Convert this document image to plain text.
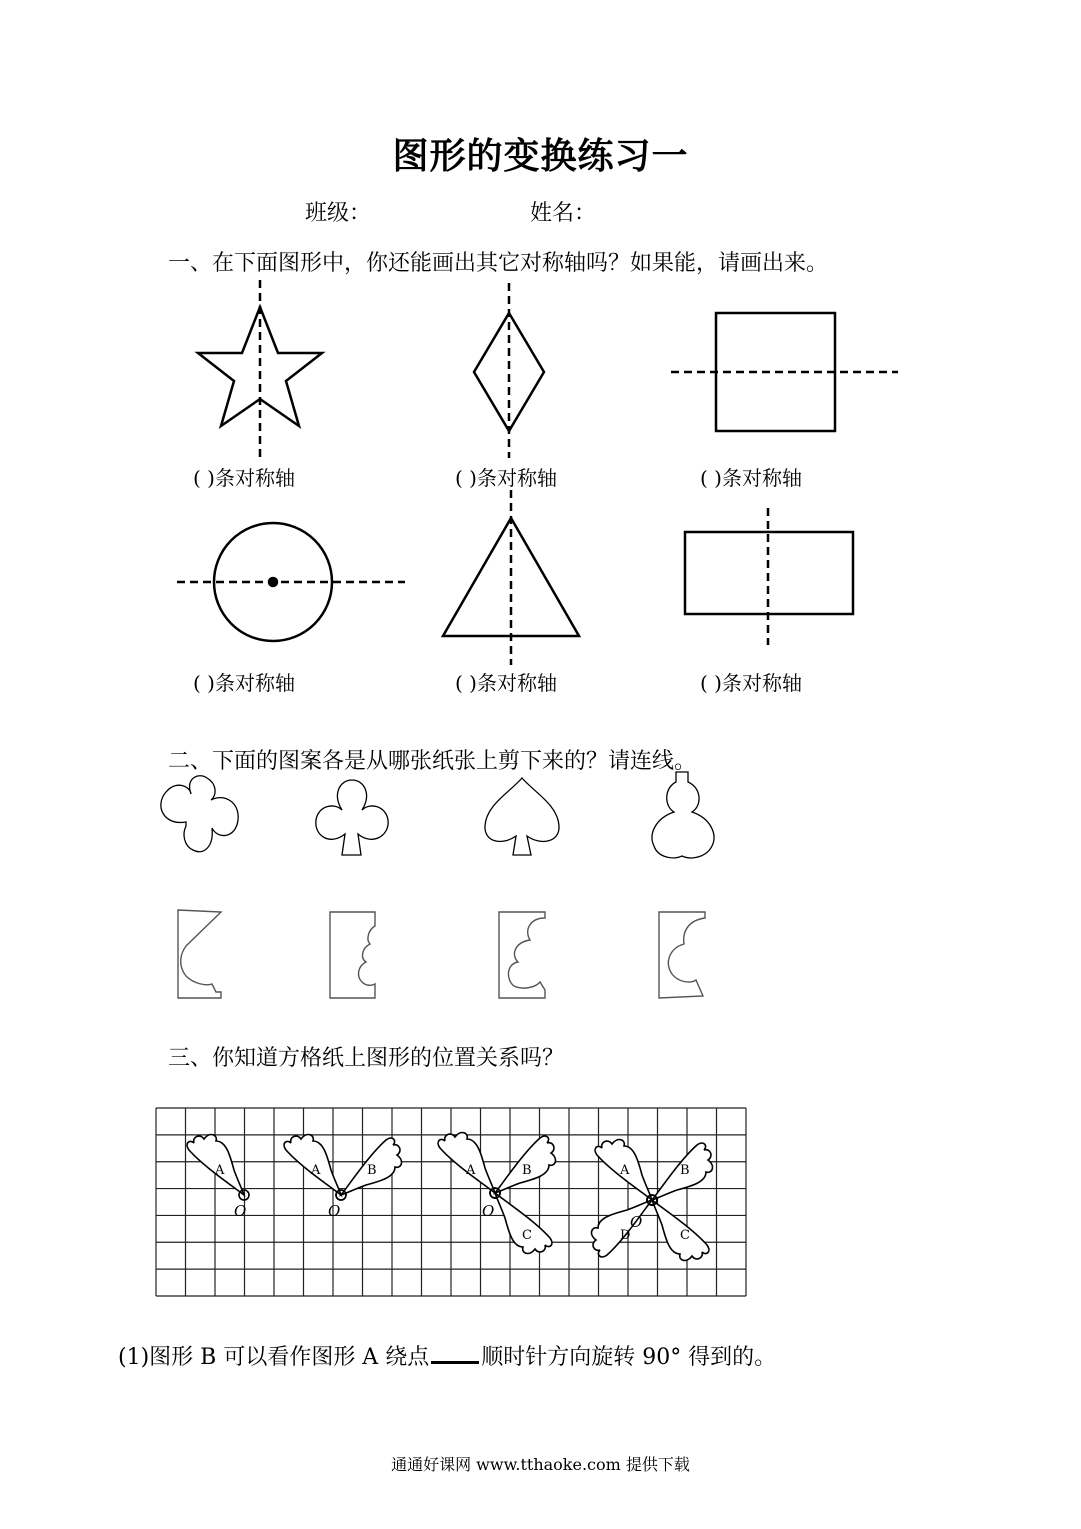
图形的变换练习一
班级：	姓名：
一、在下面图形中，你还能画出其它对称轴吗？如果能，请画出来。
( )条对称轴	( )条对称轴	( )条对称轴
( )条对称轴	( )条对称轴	( )条对称轴
二、下面的图案各是从哪张纸张上剪下来的？请连线。
三、你知道方格纸上图形的位置关系吗？
A
O
A	B
O
A	B
C
O
A	B
C
D
O
(1)图形 B 可以看作图形 A 绕点 顺时针方向旋转 90° 得到的。
通通好课网 www.tthaoke.com 提供下载
